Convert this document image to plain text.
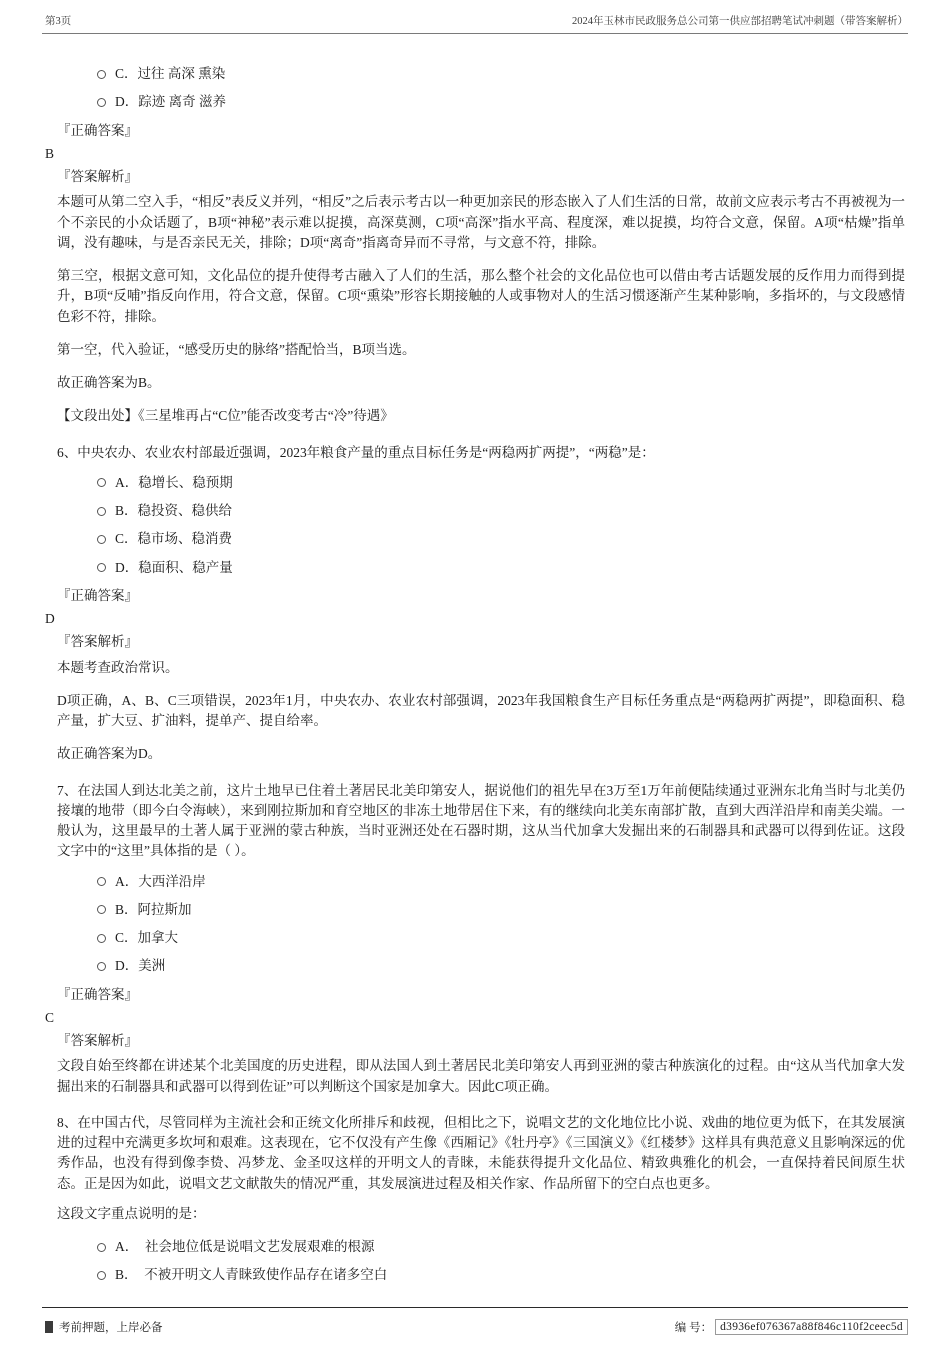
第3页	2024年玉林市民政服务总公司第一供应部招聘笔试冲刺题（带答案解析）
C．过往 高深 熏染
D．踪迹 离奇 滋养
『正确答案』
B
『答案解析』
本题可从第二空入手，“相反”表反义并列，“相反”之后表示考古以一种更加亲民的形态嵌入了人们生活的日常，故前文应表示考古不再被视为一个不亲民的小众话题了，B项“神秘”表示难以捉摸，高深莫测，C项“高深”指水平高、程度深，难以捉摸，均符合文意，保留。A项“枯燥”指单调，没有趣味，与是否亲民无关，排除；D项“离奇”指离奇异而不寻常，与文意不符，排除。
第三空，根据文意可知，文化品位的提升使得考古融入了人们的生活，那么整个社会的文化品位也可以借由考古话题发展的反作用力而得到提升，B项“反哺”指反向作用，符合文意，保留。C项“熏染”形容长期接触的人或事物对人的生活习惯逐渐产生某种影响，多指坏的，与文段感情色彩不符，排除。
第一空，代入验证，“感受历史的脉络”搭配恰当，B项当选。
故正确答案为B。
【文段出处】《三星堆再占“C位”能否改变考古“冷”待遇》
6、中央农办、农业农村部最近强调，2023年粮食产量的重点目标任务是“两稳两扩两提”，“两稳”是：
A．稳增长、稳预期
B．稳投资、稳供给
C．稳市场、稳消费
D．稳面积、稳产量
『正确答案』
D
『答案解析』
本题考查政治常识。
D项正确，A、B、C三项错误，2023年1月，中央农办、农业农村部强调，2023年我国粮食生产目标任务重点是“两稳两扩两提”，即稳面积、稳产量，扩大豆、扩油料，提单产、提自给率。
故正确答案为D。
7、在法国人到达北美之前，这片土地早已住着土著居民北美印第安人，据说他们的祖先早在3万至1万年前便陆续通过亚洲东北角当时与北美仍接壤的地带（即今白令海峡），来到刚拉斯加和育空地区的非冻土地带居住下来，有的继续向北美东南部扩散，直到大西洋沿岸和南美尖端。一般认为，这里最早的土著人属于亚洲的蒙古种族，当时亚洲还处在石器时期，这从当代加拿大发掘出来的石制器具和武器可以得到佐证。这段文字中的“这里”具体指的是（ ）。
A．大西洋沿岸
B．阿拉斯加
C．加拿大
D．美洲
『正确答案』
C
『答案解析』
文段自始至终都在讲述某个北美国度的历史进程，即从法国人到土著居民北美印第安人再到亚洲的蒙古种族演化的过程。由“这从当代加拿大发掘出来的石制器具和武器可以得到佐证”可以判断这个国家是加拿大。因此C项正确。
8、在中国古代，尽管同样为主流社会和正统文化所排斥和歧视，但相比之下，说唱文艺的文化地位比小说、戏曲的地位更为低下，在其发展演进的过程中充满更多坎坷和艰难。这表现在，它不仅没有产生像《西厢记》《牡丹亭》《三国演义》《红楼梦》这样具有典范意义且影响深远的优秀作品，也没有得到像李贽、冯梦龙、金圣叹这样的开明文人的青睐，未能获得提升文化品位、精致典雅化的机会，一直保持着民间原生状态。正是因为如此，说唱文艺文献散失的情况严重，其发展演进过程及相关作家、作品所留下的空白点也更多。
这段文字重点说明的是：
A．  社会地位低是说唱文艺发展艰难的根源
B．  不被开明文人青睐致使作品存在诸多空白
考前押题，上岸必备	编 号： d3936ef076367a88f846c110f2ceec5d
